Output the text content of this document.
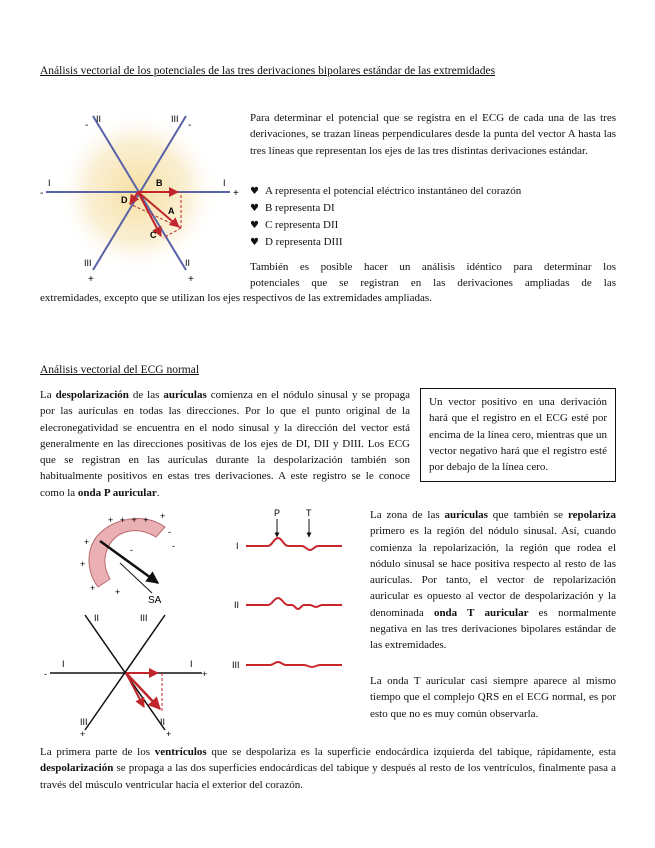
Análisis vectorial de los potenciales de las tres derivaciones bipolares estándar de las extremidades
II
-
III
-
I
-
I
+
III
+
II
+
B
A
C
D
Para determinar el potencial que se registra en el ECG de cada una de las tres derivaciones, se trazan líneas perpendiculares desde la punta del vector A hasta las tres líneas que representan los ejes de las tres distintas derivaciones estándar.
♥ A representa el potencial eléctrico instantáneo del corazón
♥ B representa DI
♥ C representa DII
♥ D representa DIII
También es posible hacer un análisis idéntico para determinar los
potenciales que se registran en las derivaciones ampliadas de las
extremidades, excepto que se utilizan los ejes respectivos de las extremidades ampliadas.
Análisis vectorial del ECG normal
La despolarización de las aurículas comienza en el nódulo sinusal y se propaga por las aurículas en todas las direcciones. Por lo que el punto original de la elecronegatividad se encuentra en el nodo sinusal y la dirección del vector está generalmente en las direcciones positivas de los ejes de DI, DII y DIII. Los ECG que se registran en las aurículas durante la despolarización también son habitualmente positivos en estas tres derivaciones. A este registro se le conoce como la onda P auricular.
Un vector positivo en una derivación hará que el registro en el ECG esté por encima de la línea cero, mientras que un vector negativo hará que el registro esté por debajo de la línea cero.
SA
+ + + + +
+
+
+ +
-
-
-
II	III
I
-
I
+
III
+
II
+
P	T
I
II
III
La zona de las aurículas que también se repolariza primero es la región del nódulo sinusal. Así, cuando comienza la repolarización, la región que rodea el nódulo sinusal se hace positiva respecto al resto de las aurículas. Por tanto, el vector de repolarización auricular es opuesto al vector de despolarización y la denominada onda T auricular es normalmente negativa en las tres derivaciones bipolares estándar de las extremidades.
La onda T auricular casi siempre aparece al mismo tiempo que el complejo QRS en el ECG normal, es por esto que no es muy común observarla.
La primera parte de los ventrículos que se despolariza es la superficie endocárdica izquierda del tabique, rápidamente, esta despolarización se propaga a las dos superficies endocárdicas del tabique y después al resto de los ventrículos, finalmente pasa a través del músculo ventricular hacia el exterior del corazón.
